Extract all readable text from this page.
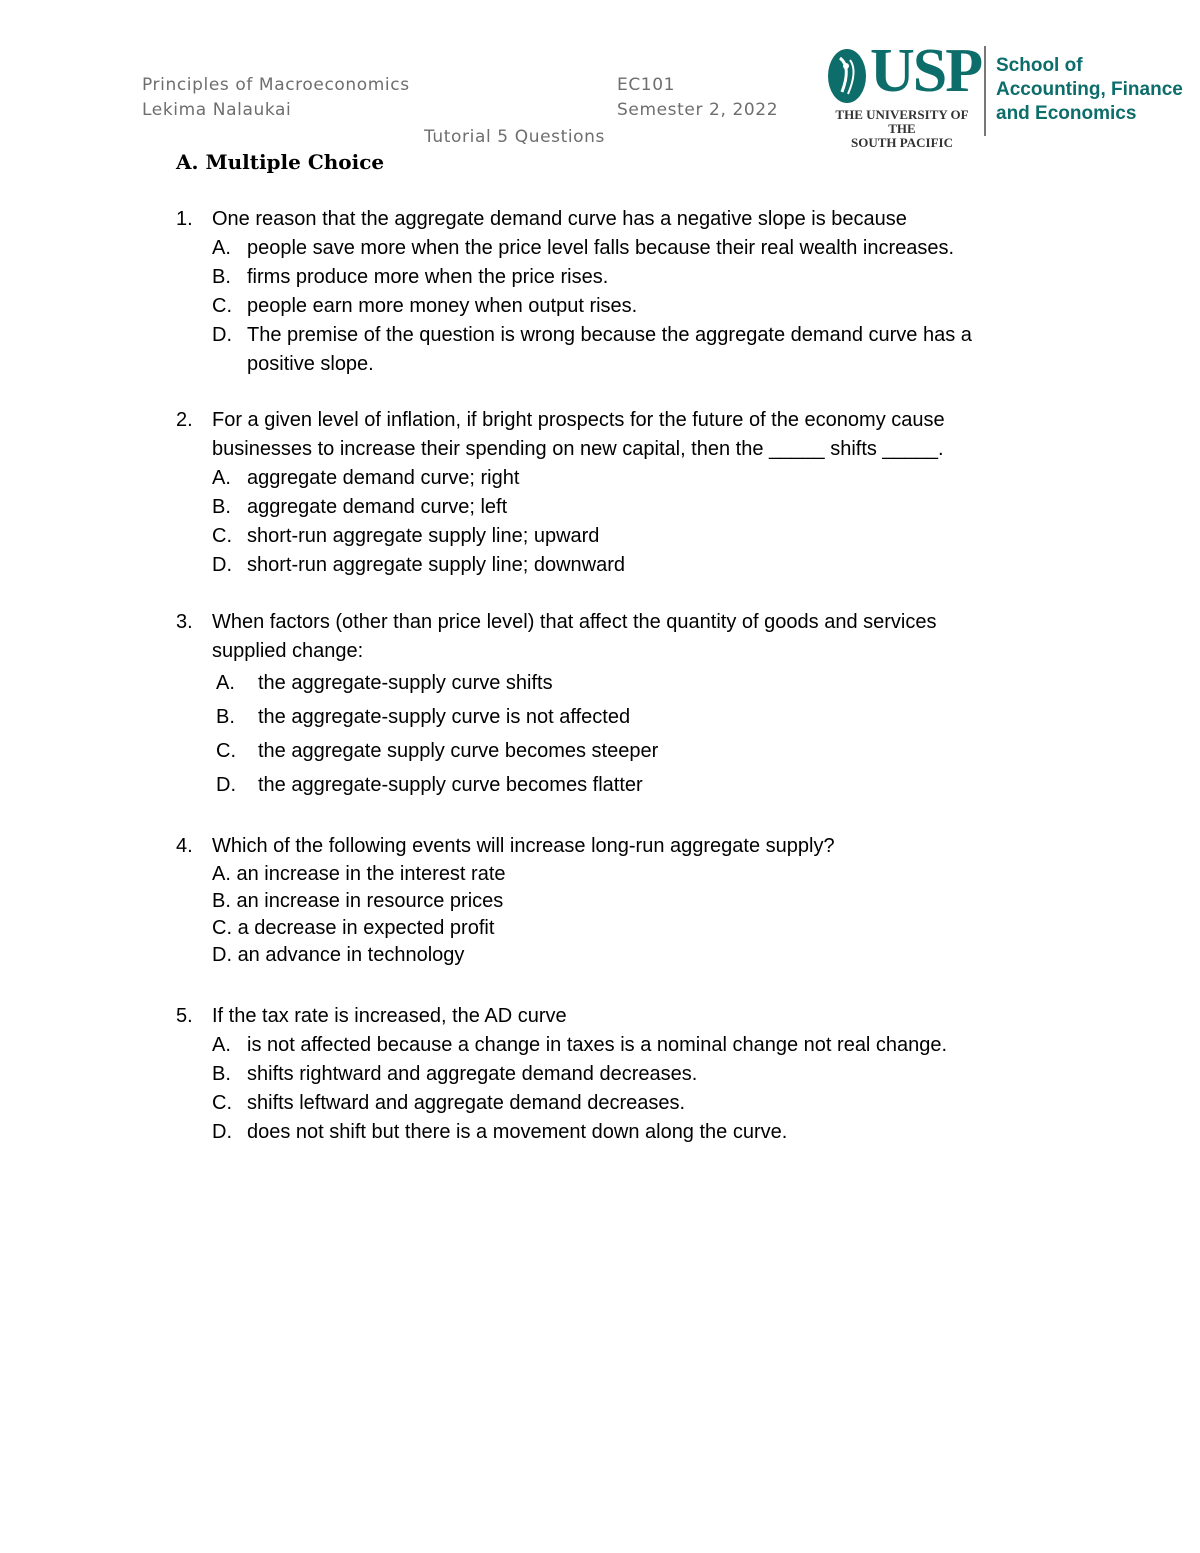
Principles of Macroeconomics
Lekima Nalaukai
EC101
Semester 2, 2022
Tutorial 5 Questions
USP
THE UNIVERSITY OF THE
SOUTH PACIFIC
School of
Accounting, Finance
and Economics
A. Multiple Choice
1. One reason that the aggregate demand curve has a negative slope is because
A. people save more when the price level falls because their real wealth increases.
B. firms produce more when the price rises.
C. people earn more money when output rises.
D. The premise of the question is wrong because the aggregate demand curve has a
positive slope.
2. For a given level of inflation, if bright prospects for the future of the economy cause
businesses to increase their spending on new capital, then the _____ shifts _____.
A. aggregate demand curve; right
B. aggregate demand curve; left
C. short-run aggregate supply line; upward
D. short-run aggregate supply line; downward
3. When factors (other than price level) that affect the quantity of goods and services
supplied change:
A. the aggregate-supply curve shifts
B. the aggregate-supply curve is not affected
C. the aggregate supply curve becomes steeper
D. the aggregate-supply curve becomes flatter
4. Which of the following events will increase long-run aggregate supply?
A. an increase in the interest rate
B. an increase in resource prices
C. a decrease in expected profit
D. an advance in technology
5. If the tax rate is increased, the AD curve
A. is not affected because a change in taxes is a nominal change not real change.
B. shifts rightward and aggregate demand decreases.
C. shifts leftward and aggregate demand decreases.
D. does not shift but there is a movement down along the curve.
